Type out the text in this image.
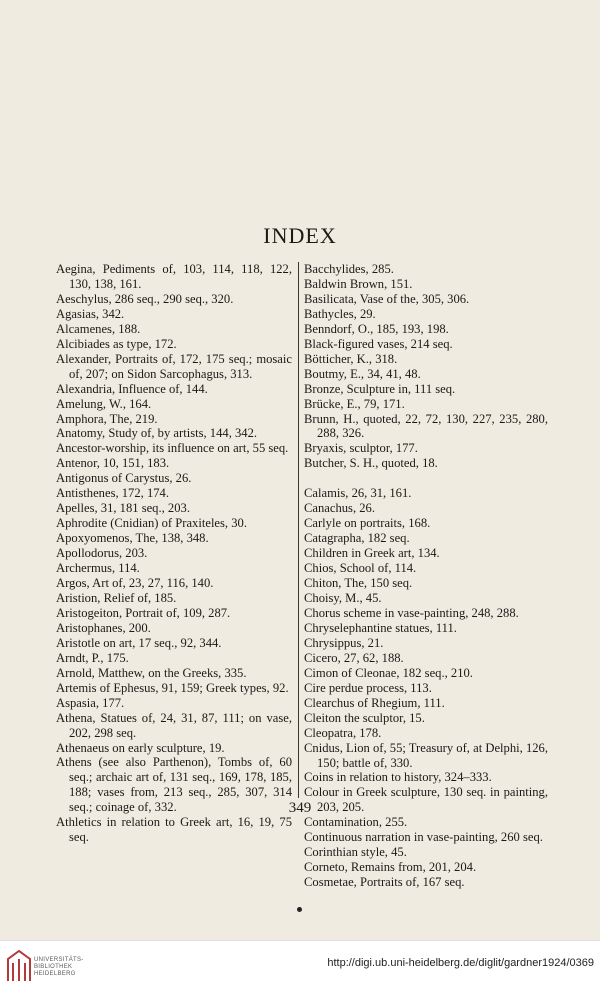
INDEX
Aegina, Pediments of, 103, 114, 118, 122, 130, 138, 161.
Aeschylus, 286 seq., 290 seq., 320.
Agasias, 342.
Alcamenes, 188.
Alcibiades as type, 172.
Alexander, Portraits of, 172, 175 seq.; mosaic of, 207; on Sidon Sarcophagus, 313.
Alexandria, Influence of, 144.
Amelung, W., 164.
Amphora, The, 219.
Anatomy, Study of, by artists, 144, 342.
Ancestor-worship, its influence on art, 55 seq.
Antenor, 10, 151, 183.
Antigonus of Carystus, 26.
Antisthenes, 172, 174.
Apelles, 31, 181 seq., 203.
Aphrodite (Cnidian) of Praxiteles, 30.
Apoxyomenos, The, 138, 348.
Apollodorus, 203.
Archermus, 114.
Argos, Art of, 23, 27, 116, 140.
Aristion, Relief of, 185.
Aristogeiton, Portrait of, 109, 287.
Aristophanes, 200.
Aristotle on art, 17 seq., 92, 344.
Arndt, P., 175.
Arnold, Matthew, on the Greeks, 335.
Artemis of Ephesus, 91, 159; Greek types, 92.
Aspasia, 177.
Athena, Statues of, 24, 31, 87, 111; on vase, 202, 298 seq.
Athenaeus on early sculpture, 19.
Athens (see also Parthenon), Tombs of, 60 seq.; archaic art of, 131 seq., 169, 178, 185, 188; vases from, 213 seq., 285, 307, 314 seq.; coinage of, 332.
Athletics in relation to Greek art, 16, 19, 75 seq.
Bacchylides, 285.
Baldwin Brown, 151.
Basilicata, Vase of the, 305, 306.
Bathycles, 29.
Benndorf, O., 185, 193, 198.
Black-figured vases, 214 seq.
Bötticher, K., 318.
Boutmy, E., 34, 41, 48.
Bronze, Sculpture in, 111 seq.
Brücke, E., 79, 171.
Brunn, H., quoted, 22, 72, 130, 227, 235, 280, 288, 326.
Bryaxis, sculptor, 177.
Butcher, S. H., quoted, 18.
Calamis, 26, 31, 161.
Canachus, 26.
Carlyle on portraits, 168.
Catagrapha, 182 seq.
Children in Greek art, 134.
Chios, School of, 114.
Chiton, The, 150 seq.
Choisy, M., 45.
Chorus scheme in vase-painting, 248, 288.
Chryselephantine statues, 111.
Chrysippus, 21.
Cicero, 27, 62, 188.
Cimon of Cleonae, 182 seq., 210.
Cire perdue process, 113.
Clearchus of Rhegium, 111.
Cleiton the sculptor, 15.
Cleopatra, 178.
Cnidus, Lion of, 55; Treasury of, at Delphi, 126, 150; battle of, 330.
Coins in relation to history, 324–333.
Colour in Greek sculpture, 130 seq. in painting, 203, 205.
Contamination, 255.
Continuous narration in vase-painting, 260 seq.
Corinthian style, 45.
Corneto, Remains from, 201, 204.
Cosmetae, Portraits of, 167 seq.
349
UNIVERSITÄTS-
BIBLIOTHEK
HEIDELBERG
http://digi.ub.uni-heidelberg.de/diglit/gardner1924/0369
